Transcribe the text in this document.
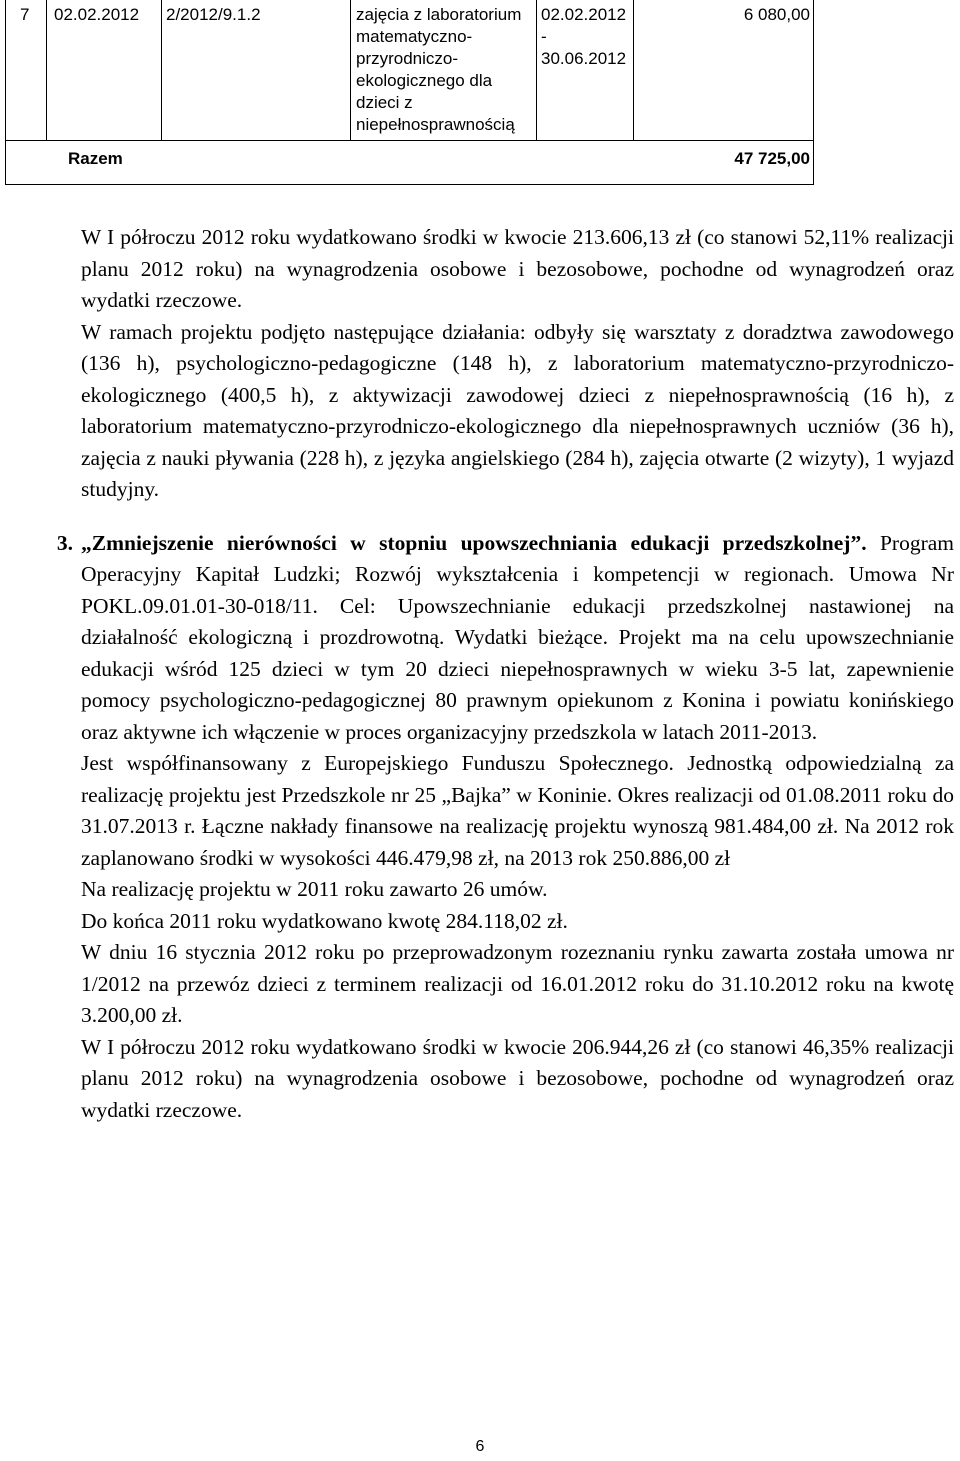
7 02.02.2012 2/2012/9.1.2	zajęcia z laboratorium
matematyczno-
przyrodniczo-
ekologicznego dla
dzieci z
niepełnosprawnością
02.02.2012 -
30.06.2012
6 080,00
Razem	47 725,00

W I półroczu 2012 roku wydatkowano środki w kwocie 213.606,13 zł (co stanowi 52,11% realizacji planu 2012 roku) na wynagrodzenia osobowe i bezosobowe, pochodne od wynagrodzeń oraz wydatki rzeczowe.

W ramach projektu podjęto następujące działania: odbyły się warsztaty z doradztwa zawodowego (136 h), psychologiczno-pedagogiczne (148 h), z laboratorium matematyczno-przyrodniczo-ekologicznego (400,5 h), z aktywizacji zawodowej dzieci z niepełnosprawnością (16 h), z laboratorium matematyczno-przyrodniczo-ekologicznego dla niepełnosprawnych uczniów (36 h), zajęcia z nauki pływania (228 h), z języka angielskiego (284 h), zajęcia otwarte (2 wizyty), 1 wyjazd studyjny.

3. „Zmniejszenie nierówności w stopniu upowszechniania edukacji przedszkolnej”. Program Operacyjny Kapitał Ludzki; Rozwój wykształcenia i kompetencji w regionach. Umowa Nr POKL.09.01.01-30-018/11. Cel: Upowszechnianie edukacji przedszkolnej nastawionej na działalność ekologiczną i prozdrowotną. Wydatki bieżące. Projekt ma na celu upowszechnianie edukacji wśród 125 dzieci w tym 20 dzieci niepełnosprawnych w wieku 3-5 lat, zapewnienie pomocy psychologiczno-pedagogicznej 80 prawnym opiekunom z Konina i powiatu konińskiego oraz aktywne ich włączenie w proces organizacyjny przedszkola w latach 2011-2013.

Jest współfinansowany z Europejskiego Funduszu Społecznego. Jednostką odpowiedzialną za realizację projektu jest Przedszkole nr 25 „Bajka” w Koninie. Okres realizacji od 01.08.2011 roku do 31.07.2013 r. Łączne nakłady finansowe na realizację projektu wynoszą 981.484,00 zł. Na 2012 rok zaplanowano środki w wysokości 446.479,98 zł, na 2013 rok 250.886,00 zł

Na realizację projektu w 2011 roku zawarto 26 umów.

Do końca 2011 roku wydatkowano kwotę 284.118,02 zł.

W dniu 16 stycznia 2012 roku po przeprowadzonym rozeznaniu rynku zawarta została umowa nr 1/2012 na przewóz dzieci z terminem realizacji od 16.01.2012 roku do 31.10.2012 roku na kwotę 3.200,00 zł.

W I półroczu 2012 roku wydatkowano środki w kwocie 206.944,26 zł (co stanowi 46,35% realizacji planu 2012 roku) na wynagrodzenia osobowe i bezosobowe, pochodne od wynagrodzeń oraz wydatki rzeczowe.

6
